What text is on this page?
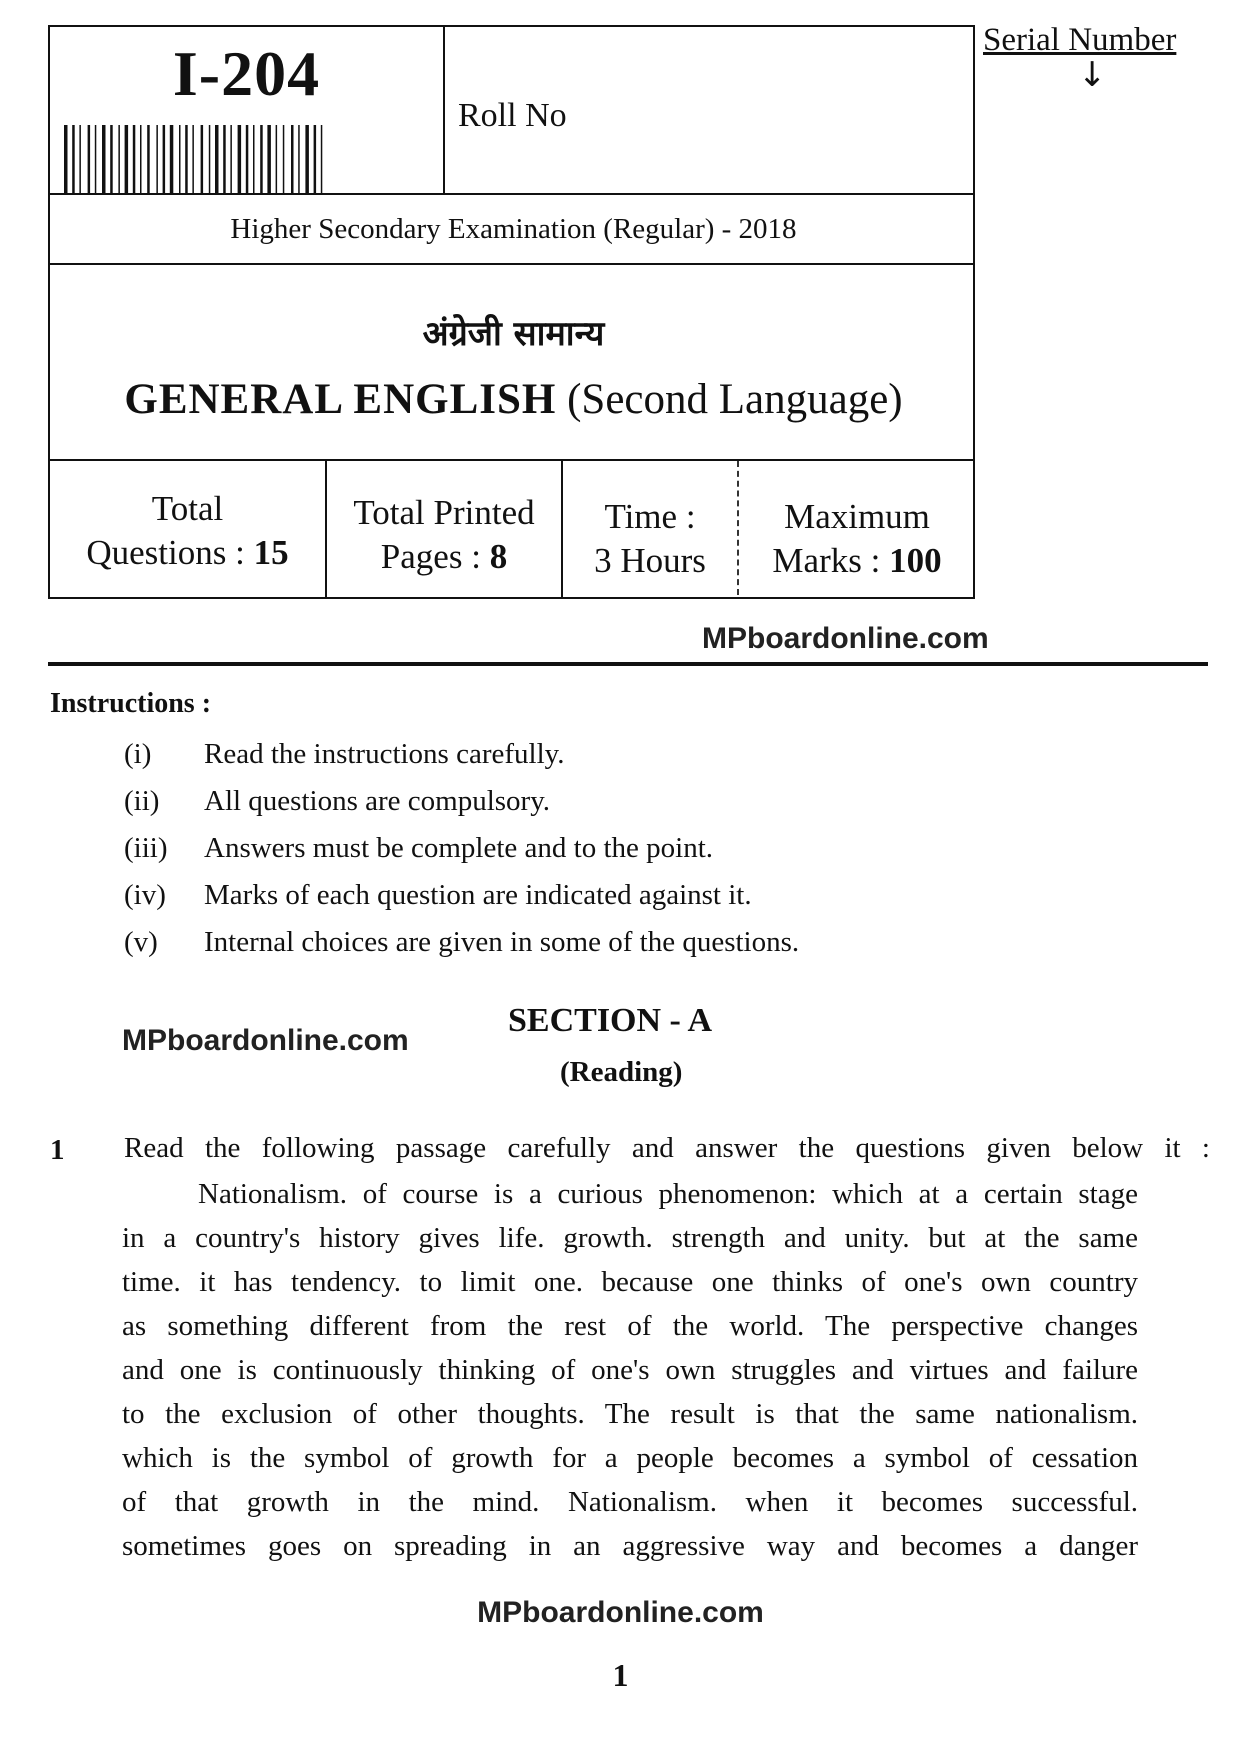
I-204
Roll No
Higher Secondary Examination (Regular) - 2018
अंग्रेजी सामान्य
GENERAL ENGLISH (Second Language)
Total
Questions : 15
Total Printed
Pages : 8
Time :
3 Hours
Maximum
Marks : 100
Serial Number
↓
MPboardonline.com
Instructions :
(i) Read the instructions carefully.
(ii) All questions are compulsory.
(iii) Answers must be complete and to the point.
(iv) Marks of each question are indicated against it.
(v) Internal choices are given in some of the questions.
MPboardonline.com
SECTION - A
(Reading)
1 Read the following passage carefully and answer the questions given below it :
Nationalism. of course is a curious phenomenon: which at a certain stage
in a country's history gives life. growth. strength and unity. but at the same
time. it has tendency. to limit one. because one thinks of one's own country
as something different from the rest of the world. The perspective changes
and one is continuously thinking of one's own struggles and virtues and failure
to the exclusion of other thoughts. The result is that the same nationalism.
which is the symbol of growth for a people becomes a symbol of cessation
of that growth in the mind. Nationalism. when it becomes successful.
sometimes goes on spreading in an aggressive way and becomes a danger
MPboardonline.com
1
